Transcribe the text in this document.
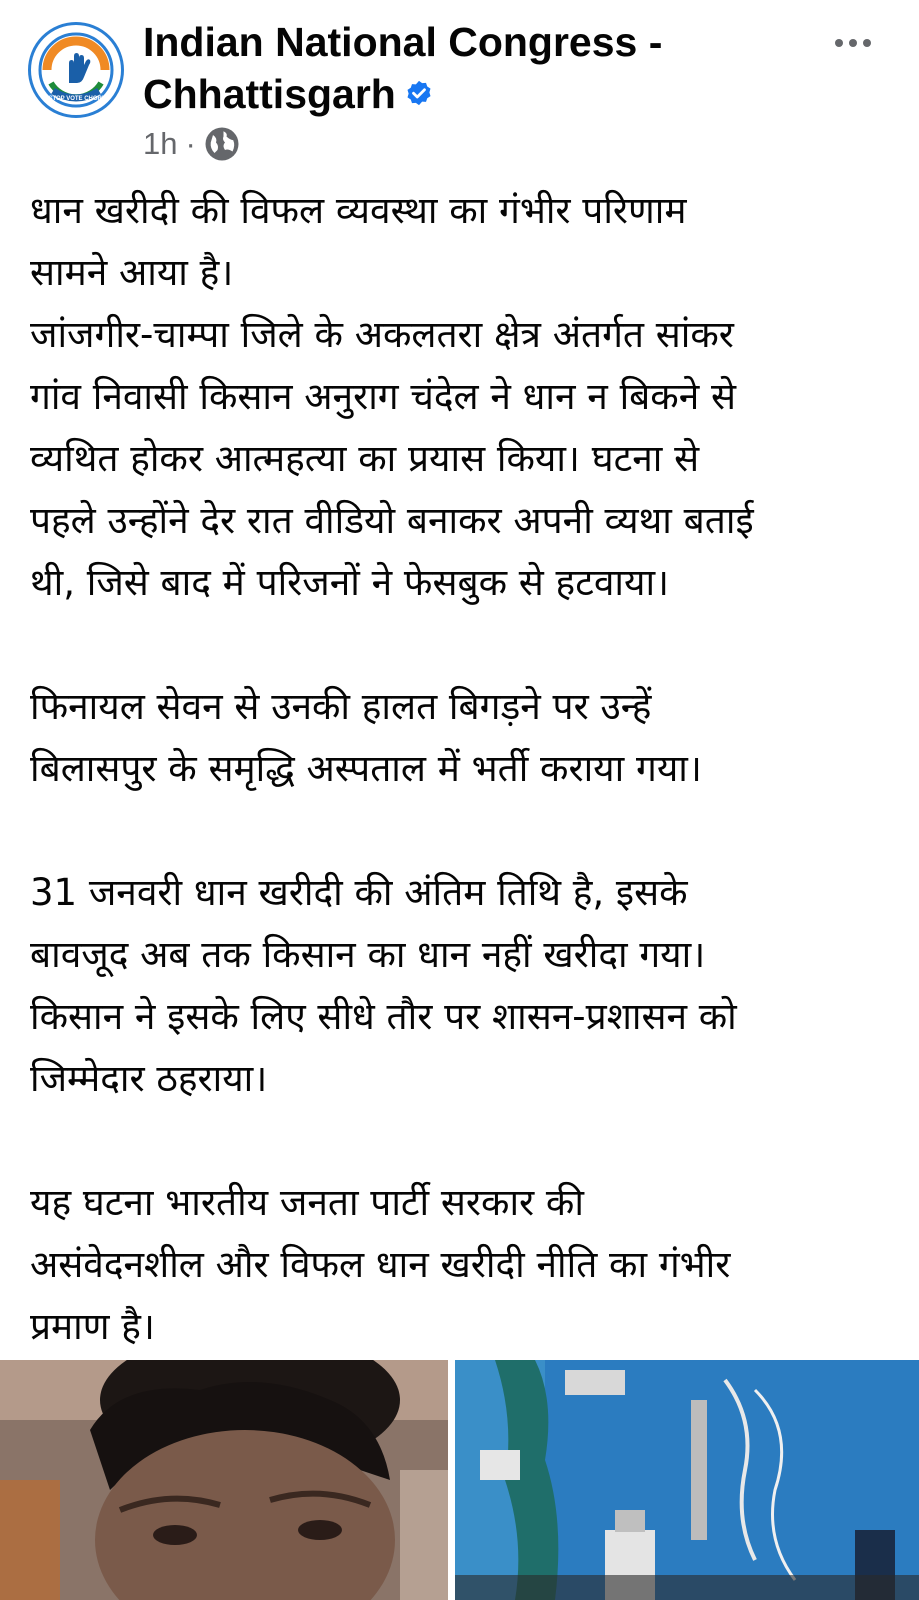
STOP VOTE CHORI
Indian National Congress -
Chhattisgarh
1h ·

धान खरीदी की विफल व्यवस्था का गंभीर परिणाम
सामने आया है।
जांजगीर-चाम्पा जिले के अकलतरा क्षेत्र अंतर्गत सांकर
गांव निवासी किसान अनुराग चंदेल ने धान न बिकने से
व्यथित होकर आत्महत्या का प्रयास किया। घटना से
पहले उन्होंने देर रात वीडियो बनाकर अपनी व्यथा बताई
थी, जिसे बाद में परिजनों ने फेसबुक से हटवाया।

फिनायल सेवन से उनकी हालत बिगड़ने पर उन्हें
बिलासपुर के समृद्धि अस्पताल में भर्ती कराया गया।

31 जनवरी धान खरीदी की अंतिम तिथि है, इसके
बावजूद अब तक किसान का धान नहीं खरीदा गया।
किसान ने इसके लिए सीधे तौर पर शासन-प्रशासन को
जिम्मेदार ठहराया।

यह घटना भारतीय जनता पार्टी सरकार की
असंवेदनशील और विफल धान खरीदी नीति का गंभीर
प्रमाण है।
